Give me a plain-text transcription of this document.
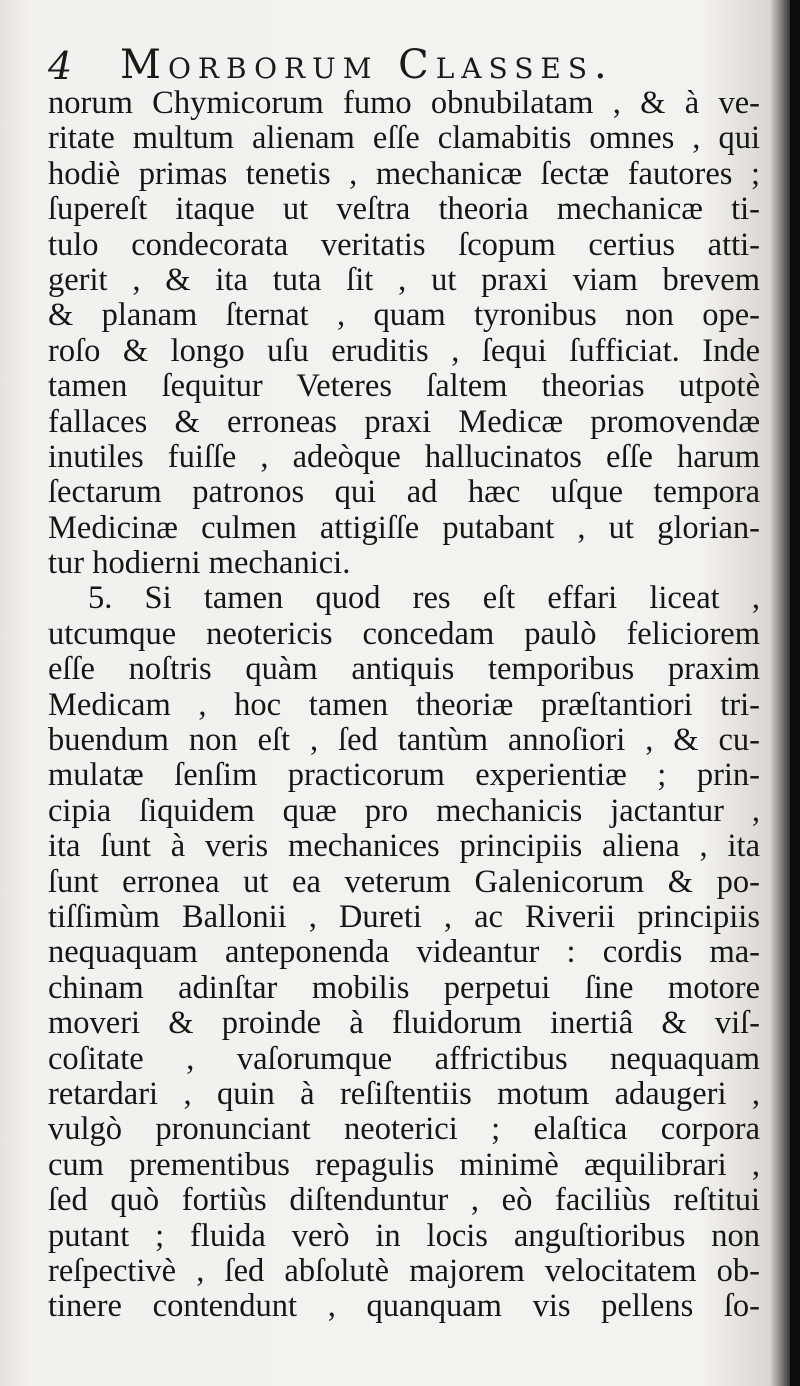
4 Morborum Classes.
norum Chymicorum fumo obnubilatam , & à ve-
ritate multum alienam eſſe clamabitis omnes , qui
hodiè primas tenetis , mechanicæ ſectæ fautores ;
ſupereſt itaque ut veſtra theoria mechanicæ ti-
tulo condecorata veritatis ſcopum certius atti-
gerit , & ita tuta ſit , ut praxi viam brevem
& planam ſternat , quam tyronibus non ope-
roſo & longo uſu eruditis , ſequi ſufficiat. Inde
tamen ſequitur Veteres ſaltem theorias utpotè
fallaces & erroneas praxi Medicæ promovendæ
inutiles fuiſſe , adeòque hallucinatos eſſe harum
ſectarum patronos qui ad hæc uſque tempora
Medicinæ culmen attigiſſe putabant , ut glorian-
tur hodierni mechanici.
5. Si tamen quod res eſt effari liceat ,
utcumque neotericis concedam paulò feliciorem
eſſe noſtris quàm antiquis temporibus praxim
Medicam , hoc tamen theoriæ præſtantiori tri-
buendum non eſt , ſed tantùm annoſiori , & cu-
mulatæ ſenſim practicorum experientiæ ; prin-
cipia ſiquidem quæ pro mechanicis jactantur ,
ita ſunt à veris mechanices principiis aliena , ita
ſunt erronea ut ea veterum Galenicorum & po-
tiſſimùm Ballonii , Dureti , ac Riverii principiis
nequaquam anteponenda videantur : cordis ma-
chinam adinſtar mobilis perpetui ſine motore
moveri & proinde à fluidorum inertiâ & viſ-
coſitate , vaſorumque affrictibus nequaquam
retardari , quin à reſiſtentiis motum adaugeri ,
vulgò pronunciant neoterici ; elaſtica corpora
cum prementibus repagulis minimè æquilibrari ,
ſed quò fortiùs diſtenduntur , eò faciliùs reſtitui
putant ; fluida verò in locis anguſtioribus non
reſpectivè , ſed abſolutè majorem velocitatem ob-
tinere contendunt , quanquam vis pellens ſo-
